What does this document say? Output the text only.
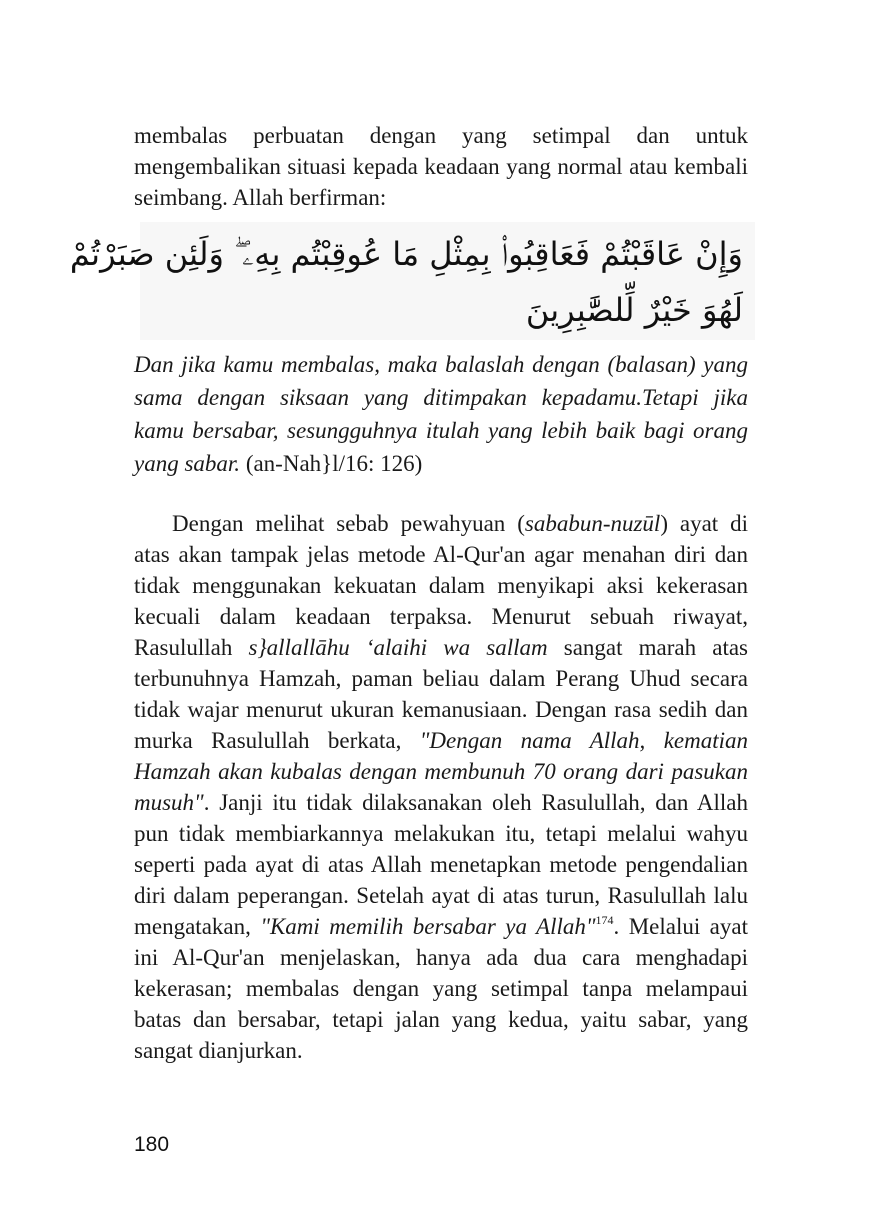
membalas perbuatan dengan yang setimpal dan untuk mengembalikan situasi kepada keadaan yang normal atau kembali seimbang. Allah berfirman:

وَإِنْ عَاقَبْتُمْ فَعَاقِبُوا۟ بِمِثْلِ مَا عُوقِبْتُم بِهِۦ ۖ وَلَئِن صَبَرْتُمْ
لَهُوَ خَيْرٌ لِّلصَّٰبِرِينَ

Dan jika kamu membalas, maka balaslah dengan (balasan) yang sama dengan siksaan yang ditimpakan kepadamu.Tetapi jika kamu bersabar, sesungguhnya itulah yang lebih baik bagi orang yang sabar. (an-Nah}l/16: 126)

Dengan melihat sebab pewahyuan (sababun-nuzūl) ayat di atas akan tampak jelas metode Al-Qur'an agar menahan diri dan tidak menggunakan kekuatan dalam menyikapi aksi kekerasan kecuali dalam keadaan terpaksa. Menurut sebuah riwayat, Rasulullah s}allallāhu ‘alaihi wa sallam sangat marah atas terbunuhnya Hamzah, paman beliau dalam Perang Uhud secara tidak wajar menurut ukuran kemanusiaan. Dengan rasa sedih dan murka Rasulullah berkata, "Dengan nama Allah, kematian Hamzah akan kubalas dengan membunuh 70 orang dari pasukan musuh". Janji itu tidak dilaksanakan oleh Rasulullah, dan Allah pun tidak membiarkannya melakukan itu, tetapi melalui wahyu seperti pada ayat di atas Allah menetapkan metode pengendalian diri dalam peperangan. Setelah ayat di atas turun, Rasulullah lalu mengatakan, "Kami memilih bersabar ya Allah"$^{174}$. Melalui ayat ini Al-Qur'an menjelaskan, hanya ada dua cara menghadapi kekerasan; membalas dengan yang setimpal tanpa melampaui batas dan bersabar, tetapi jalan yang kedua, yaitu sabar, yang sangat dianjurkan.

180
